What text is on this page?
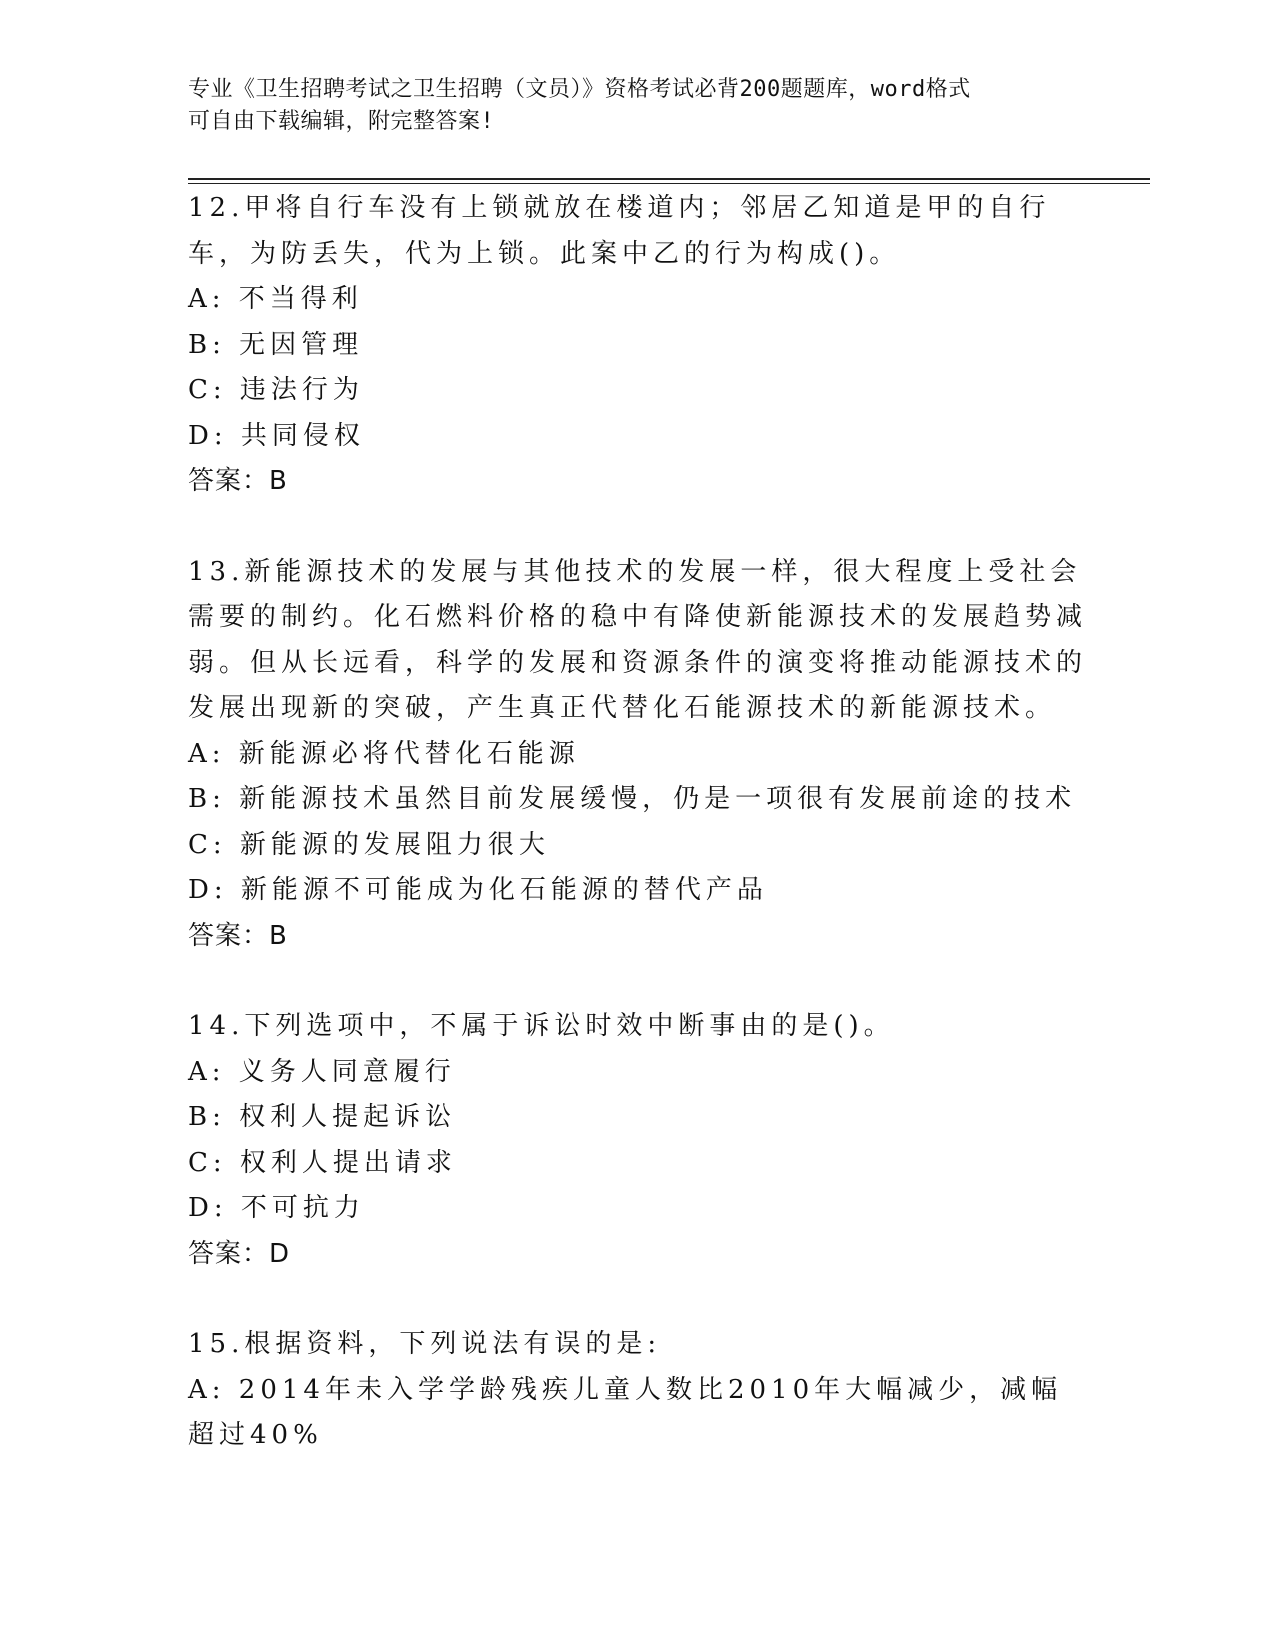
专业《卫生招聘考试之卫生招聘（文员）》资格考试必背200题题库，word格式
可自由下载编辑，附完整答案!
12.甲将自行车没有上锁就放在楼道内；邻居乙知道是甲的自行车，为防丢失，代为上锁。此案中乙的行为构成()。
A: 不当得利
B: 无因管理
C: 违法行为
D: 共同侵权
答案：B
13.新能源技术的发展与其他技术的发展一样，很大程度上受社会需要的制约。化石燃料价格的稳中有降使新能源技术的发展趋势减弱。但从长远看，科学的发展和资源条件的演变将推动能源技术的发展出现新的突破，产生真正代替化石能源技术的新能源技术。
A: 新能源必将代替化石能源
B: 新能源技术虽然目前发展缓慢，仍是一项很有发展前途的技术
C: 新能源的发展阻力很大
D: 新能源不可能成为化石能源的替代产品
答案：B
14.下列选项中，不属于诉讼时效中断事由的是()。
A: 义务人同意履行
B: 权利人提起诉讼
C: 权利人提出请求
D: 不可抗力
答案：D
15.根据资料，下列说法有误的是:
A: 2014年未入学学龄残疾儿童人数比2010年大幅减少，减幅超过40%
